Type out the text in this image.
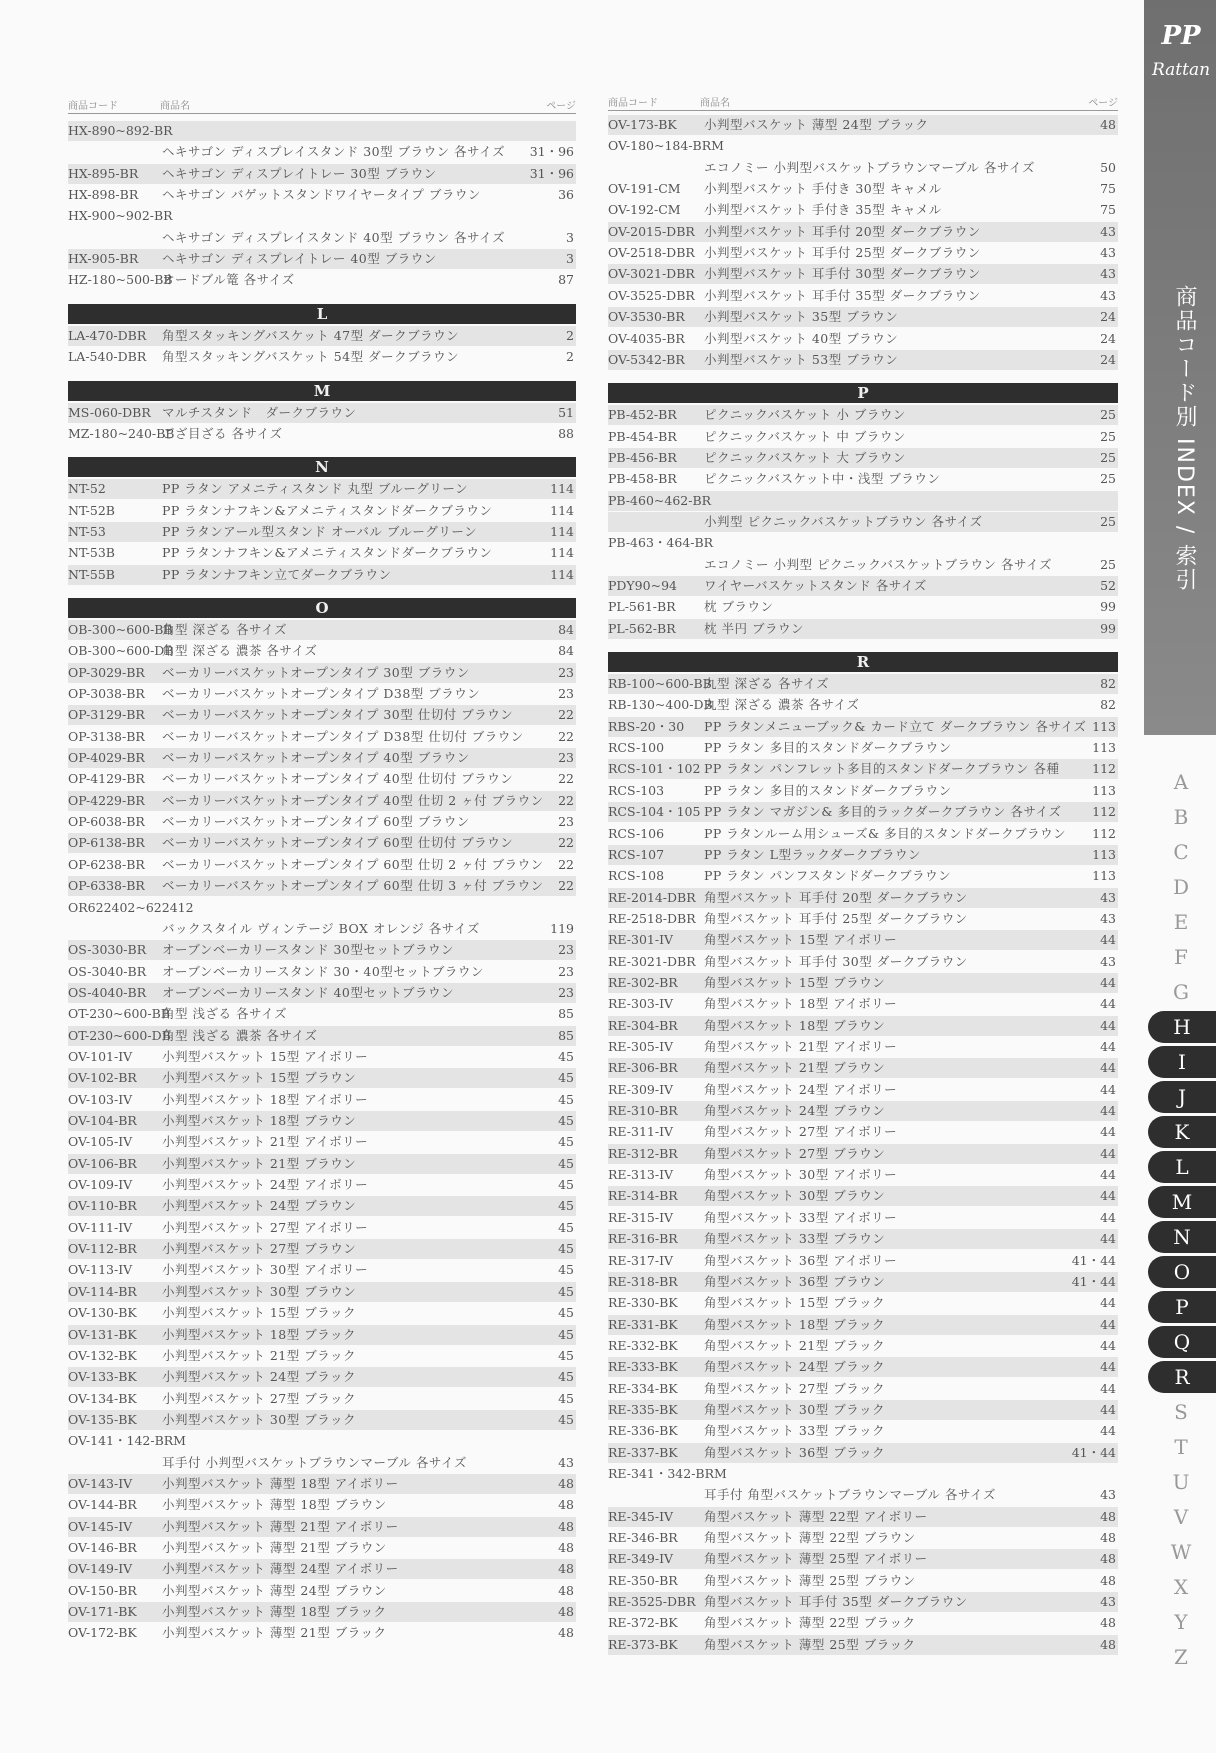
商品コード	商品名	ページ
HX-890~892-BR
ヘキサゴン ディスプレイスタンド 30型 ブラウン 各サイズ 31・96
HX-895-BR ヘキサゴン ディスプレイトレー 30型 ブラウン	31・96
HX-898-BR ヘキサゴン バゲットスタンドワイヤータイプ ブラウン	36
HX-900~902-BR
ヘキサゴン ディスプレイスタンド 40型 ブラウン 各サイズ	3
HX-905-BR ヘキサゴン ディスプレイトレー 40型 ブラウン	3
HZ-180~500-BB
オードブル篭 各サイズ	87
L
LA-470-DBR 角型スタッキングバスケット 47型 ダークブラウン	2
LA-540-DBR 角型スタッキングバスケット 54型 ダークブラウン	2
M
MS-060-DBR マルチスタンド　ダークブラウン	51
MZ-180~240-BB
ござ目ざる 各サイズ	88
N
NT-52	PP ラタン アメニティスタンド 丸型 ブルーグリーン	114
NT-52B	PP ラタンナフキン&アメニティスタンドダークブラウン	114
NT-53	PP ラタンアール型スタンド オーバル ブルーグリーン	114
NT-53B	PP ラタンナフキン&アメニティスタンドダークブラウン	114
NT-55B	PP ラタンナフキン立てダークブラウン	114
O
OB-300~600-BB
角型 深ざる 各サイズ	84
OB-300~600-DB
角型 深ざる 濃茶 各サイズ	84
OP-3029-BR ベーカリーバスケットオープンタイプ 30型 ブラウン	23
OP-3038-BR ベーカリーバスケットオープンタイプ D38型 ブラウン	23
OP-3129-BR ベーカリーバスケットオープンタイプ 30型 仕切付 ブラウン	22
OP-3138-BR ベーカリーバスケットオープンタイプ D38型 仕切付 ブラウン	22
OP-4029-BR ベーカリーバスケットオープンタイプ 40型 ブラウン	23
OP-4129-BR ベーカリーバスケットオープンタイプ 40型 仕切付 ブラウン	22
OP-4229-BR ベーカリーバスケットオープンタイプ 40型 仕切 2 ヶ付 ブラウン 22
OP-6038-BR ベーカリーバスケットオープンタイプ 60型 ブラウン	23
OP-6138-BR ベーカリーバスケットオープンタイプ 60型 仕切付 ブラウン	22
OP-6238-BR ベーカリーバスケットオープンタイプ 60型 仕切 2 ヶ付 ブラウン 22
OP-6338-BR ベーカリーバスケットオープンタイプ 60型 仕切 3 ヶ付 ブラウン 22
OR622402~622412
バックスタイル ヴィンテージ BOX オレンジ 各サイズ	119
OS-3030-BR オーブンベーカリースタンド 30型セットブラウン	23
OS-3040-BR オーブンベーカリースタンド 30・40型セットブラウン	23
OS-4040-BR オーブンベーカリースタンド 40型セットブラウン	23
OT-230~600-BB
角型 浅ざる 各サイズ	85
OT-230~600-DB
角型 浅ざる 濃茶 各サイズ	85
OV-101-IV 小判型バスケット 15型 アイボリー	45
OV-102-BR 小判型バスケット 15型 ブラウン	45
OV-103-IV 小判型バスケット 18型 アイボリー	45
OV-104-BR 小判型バスケット 18型 ブラウン	45
OV-105-IV 小判型バスケット 21型 アイボリー	45
OV-106-BR 小判型バスケット 21型 ブラウン	45
OV-109-IV 小判型バスケット 24型 アイボリー	45
OV-110-BR 小判型バスケット 24型 ブラウン	45
OV-111-IV 小判型バスケット 27型 アイボリー	45
OV-112-BR 小判型バスケット 27型 ブラウン	45
OV-113-IV 小判型バスケット 30型 アイボリー	45
OV-114-BR 小判型バスケット 30型 ブラウン	45
OV-130-BK 小判型バスケット 15型 ブラック	45
OV-131-BK 小判型バスケット 18型 ブラック	45
OV-132-BK 小判型バスケット 21型 ブラック	45
OV-133-BK 小判型バスケット 24型 ブラック	45
OV-134-BK 小判型バスケット 27型 ブラック	45
OV-135-BK 小判型バスケット 30型 ブラック	45
OV-141・142-BRM
耳手付 小判型バスケットブラウンマーブル 各サイズ	43
OV-143-IV 小判型バスケット 薄型 18型 アイボリー	48
OV-144-BR 小判型バスケット 薄型 18型 ブラウン	48
OV-145-IV 小判型バスケット 薄型 21型 アイボリー	48
OV-146-BR 小判型バスケット 薄型 21型 ブラウン	48
OV-149-IV 小判型バスケット 薄型 24型 アイボリー	48
OV-150-BR 小判型バスケット 薄型 24型 ブラウン	48
OV-171-BK 小判型バスケット 薄型 18型 ブラック	48
OV-172-BK 小判型バスケット 薄型 21型 ブラック	48
商品コード	商品名	ページ
OV-173-BK 小判型バスケット 薄型 24型 ブラック	48
OV-180~184-BRM
エコノミー 小判型バスケットブラウンマーブル 各サイズ	50
OV-191-CM 小判型バスケット 手付き 30型 キャメル	75
OV-192-CM 小判型バスケット 手付き 35型 キャメル	75
OV-2015-DBR 小判型バスケット 耳手付 20型 ダークブラウン	43
OV-2518-DBR 小判型バスケット 耳手付 25型 ダークブラウン	43
OV-3021-DBR 小判型バスケット 耳手付 30型 ダークブラウン	43
OV-3525-DBR 小判型バスケット 耳手付 35型 ダークブラウン	43
OV-3530-BR 小判型バスケット 35型 ブラウン	24
OV-4035-BR 小判型バスケット 40型 ブラウン	24
OV-5342-BR 小判型バスケット 53型 ブラウン	24
P
PB-452-BR ピクニックバスケット 小 ブラウン	25
PB-454-BR ピクニックバスケット 中 ブラウン	25
PB-456-BR ピクニックバスケット 大 ブラウン	25
PB-458-BR ピクニックバスケット中・浅型 ブラウン	25
PB-460~462-BR
小判型 ピクニックバスケットブラウン 各サイズ	25
PB-463・464-BR
エコノミー 小判型 ピクニックバスケットブラウン 各サイズ	25
PDY90~94 ワイヤーバスケットスタンド 各サイズ	52
PL-561-BR 枕 ブラウン	99
PL-562-BR 枕 半円 ブラウン	99
R
RB-100~600-BB
丸型 深ざる 各サイズ	82
RB-130~400-DB
丸型 深ざる 濃茶 各サイズ	82
RBS-20・30 PP ラタンメニューブック& カード立て ダークブラウン 各サイズ 113
RCS-100	PP ラタン 多目的スタンドダークブラウン	113
RCS-101・102 PP ラタン パンフレット多目的スタンドダークブラウン 各種	112
RCS-103	PP ラタン 多目的スタンドダークブラウン	113
RCS-104・105 PP ラタン マガジン& 多目的ラックダークブラウン 各サイズ 112
RCS-106	PP ラタンルーム用シューズ& 多目的スタンドダークブラウン 112
RCS-107	PP ラタン L型ラックダークブラウン	113
RCS-108	PP ラタン パンフスタンドダークブラウン	113
RE-2014-DBR 角型バスケット 耳手付 20型 ダークブラウン	43
RE-2518-DBR 角型バスケット 耳手付 25型 ダークブラウン	43
RE-301-IV 角型バスケット 15型 アイボリー	44
RE-3021-DBR 角型バスケット 耳手付 30型 ダークブラウン	43
RE-302-BR 角型バスケット 15型 ブラウン	44
RE-303-IV 角型バスケット 18型 アイボリー	44
RE-304-BR 角型バスケット 18型 ブラウン	44
RE-305-IV 角型バスケット 21型 アイボリー	44
RE-306-BR 角型バスケット 21型 ブラウン	44
RE-309-IV 角型バスケット 24型 アイボリー	44
RE-310-BR 角型バスケット 24型 ブラウン	44
RE-311-IV 角型バスケット 27型 アイボリー	44
RE-312-BR 角型バスケット 27型 ブラウン	44
RE-313-IV 角型バスケット 30型 アイボリー	44
RE-314-BR 角型バスケット 30型 ブラウン	44
RE-315-IV 角型バスケット 33型 アイボリー	44
RE-316-BR 角型バスケット 33型 ブラウン	44
RE-317-IV 角型バスケット 36型 アイボリー	41・44
RE-318-BR 角型バスケット 36型 ブラウン	41・44
RE-330-BK 角型バスケット 15型 ブラック	44
RE-331-BK 角型バスケット 18型 ブラック	44
RE-332-BK 角型バスケット 21型 ブラック	44
RE-333-BK 角型バスケット 24型 ブラック	44
RE-334-BK 角型バスケット 27型 ブラック	44
RE-335-BK 角型バスケット 30型 ブラック	44
RE-336-BK 角型バスケット 33型 ブラック	44
RE-337-BK 角型バスケット 36型 ブラック	41・44
RE-341・342-BRM
耳手付 角型バスケットブラウンマーブル 各サイズ	43
RE-345-IV 角型バスケット 薄型 22型 アイボリー	48
RE-346-BR 角型バスケット 薄型 22型 ブラウン	48
RE-349-IV 角型バスケット 薄型 25型 アイボリー	48
RE-350-BR 角型バスケット 薄型 25型 ブラウン	48
RE-3525-DBR 角型バスケット 耳手付 35型 ダークブラウン	43
RE-372-BK 角型バスケット 薄型 22型 ブラック	48
RE-373-BK 角型バスケット 薄型 25型 ブラック	48
PP
Rattan
商品コード別 INDEX / 索引
A
B
C
D
E
F
G
H
I
J
K
L
M
N
O
P
Q
R
S
T
U
V
W
X
Y
Z
